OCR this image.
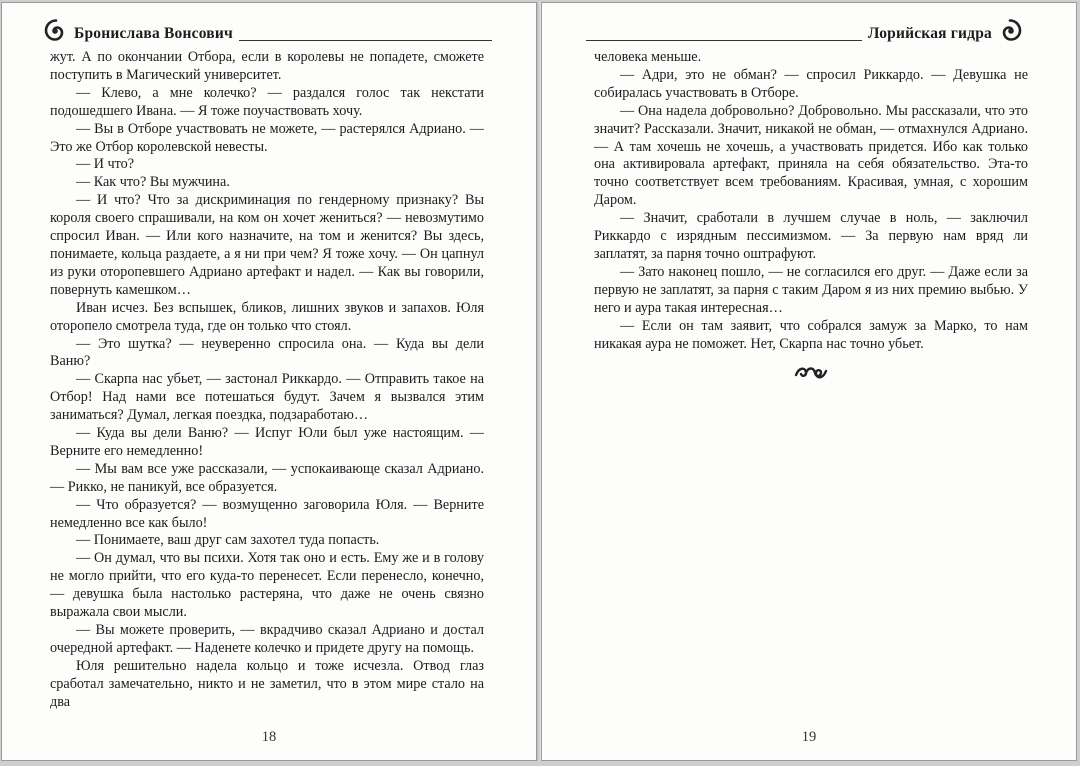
Бронислава Вонсович

жут. А по окончании Отбора, если в королевы не попадете, сможете поступить в Магический университет.

— Клево, а мне колечко? — раздался голос так некстати подошедшего Ивана. — Я тоже поучаствовать хочу.

— Вы в Отборе участвовать не можете, — растерялся Адриано. — Это же Отбор королевской невесты.

— И что?

— Как что? Вы мужчина.

— И что? Что за дискриминация по гендерному признаку? Вы короля своего спрашивали, на ком он хочет жениться? — невозмутимо спросил Иван. — Или кого назначите, на том и женится? Вы здесь, понимаете, кольца раздаете, а я ни при чем? Я тоже хочу. — Он цапнул из руки оторопевшего Адриано артефакт и надел. — Как вы говорили, повернуть камешком…

Иван исчез. Без вспышек, бликов, лишних звуков и запахов. Юля оторопело смотрела туда, где он только что стоял.

— Это шутка? — неуверенно спросила она. — Куда вы дели Ваню?

— Скарпа нас убьет, — застонал Риккардо. — Отправить такое на Отбор! Над нами все потешаться будут. Зачем я вызвался этим заниматься? Думал, легкая поездка, подзаработаю…

— Куда вы дели Ваню? — Испуг Юли был уже настоящим. — Верните его немедленно!

— Мы вам все уже рассказали, — успокаивающе сказал Адриано. — Рикко, не паникуй, все образуется.

— Что образуется? — возмущенно заговорила Юля. — Верните немедленно все как было!

— Понимаете, ваш друг сам захотел туда попасть.

— Он думал, что вы психи. Хотя так оно и есть. Ему же и в голову не могло прийти, что его куда-то перенесет. Если перенесло, конечно, — девушка была настолько растеряна, что даже не очень связно выражала свои мысли.

— Вы можете проверить, — вкрадчиво сказал Адриано и достал очередной артефакт. — Наденете колечко и придете другу на помощь.

Юля решительно надела кольцо и тоже исчезла. Отвод глаз сработал замечательно, никто и не заметил, что в этом мире стало на два

18
Лорийская гидра

человека меньше.

— Адри, это не обман? — спросил Риккардо. — Девушка не собиралась участвовать в Отборе.

— Она надела добровольно? Добровольно. Мы рассказали, что это значит? Рассказали. Значит, никакой не обман, — отмахнулся Адриано. — А там хочешь не хочешь, а участвовать придется. Ибо как только она активировала артефакт, приняла на себя обязательство. Эта-то точно соответствует всем требованиям. Красивая, умная, с хорошим Даром.

— Значит, сработали в лучшем случае в ноль, — заключил Риккардо с изрядным пессимизмом. — За первую нам вряд ли заплатят, за парня точно оштрафуют.

— Зато наконец пошло, — не согласился его друг. — Даже если за первую не заплатят, за парня с таким Даром я из них премию выбью. У него и аура такая интересная…

— Если он там заявит, что собрался замуж за Марко, то нам никакая аура не поможет. Нет, Скарпа нас точно убьет.

19
